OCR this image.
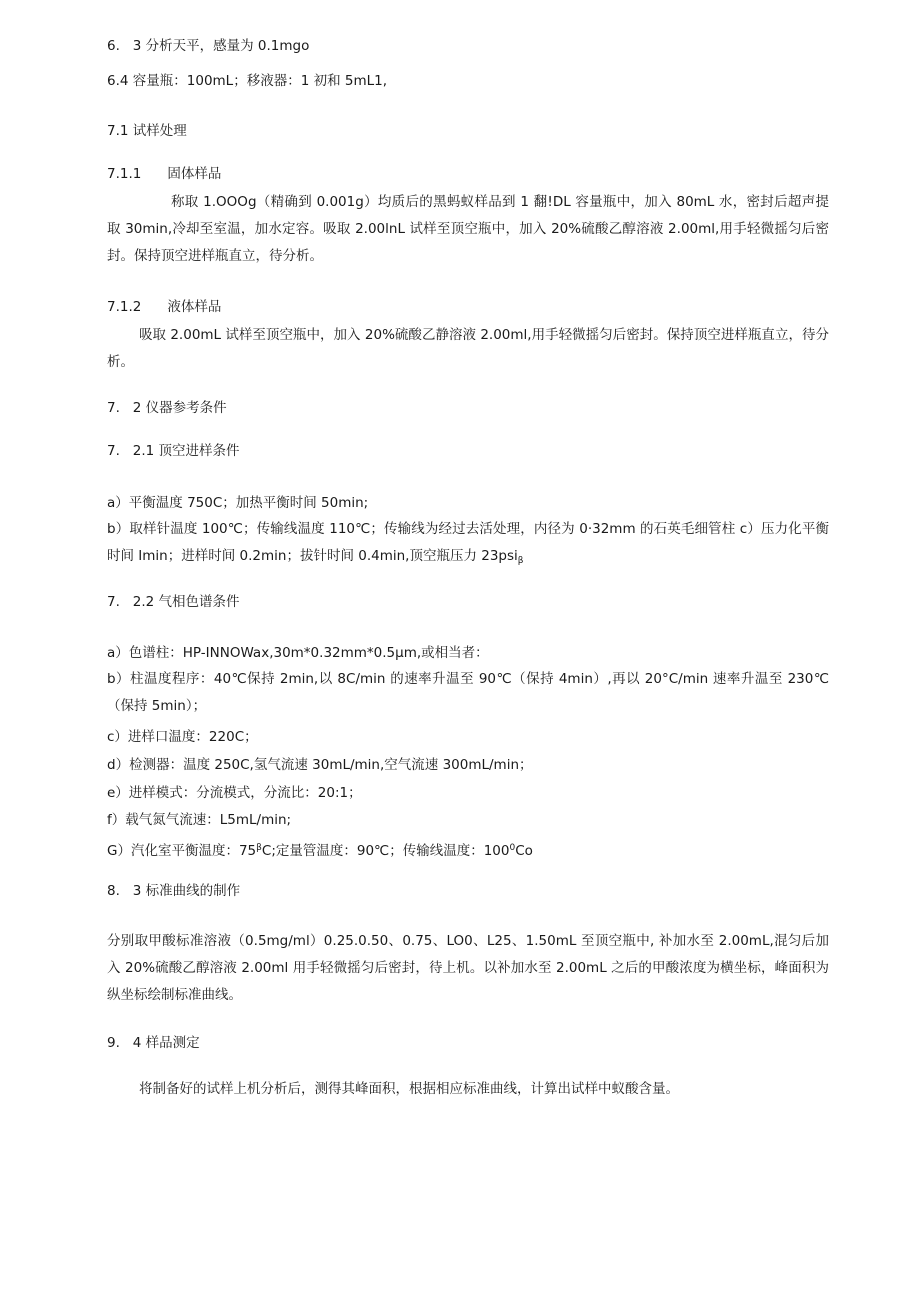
6.   3 分析天平，感量为 0.1mgo
6.4 容量瓶：100mL；移液器：1 初和 5mL1,
7.1 试样处理
7.1.1 固体样品
称取 1.OOOg（精确到 0.001g）均质后的黑蚂蚁样品到 1 翻!DL 容量瓶中，加入 80mL 水，密封后超声提取 30min,冷却至室温，加水定容。吸取 2.00lnL 试样至顶空瓶中，加入 20%硫酸乙醇溶液 2.00ml,用手轻微摇匀后密封。保持顶空进样瓶直立，待分析。
7.1.2 液体样品
吸取 2.00mL 试样至顶空瓶中，加入 20%硫酸乙静溶液 2.00ml,用手轻微摇匀后密封。保持顶空进样瓶直立，待分析。
7.   2 仪器参考条件
7.   2.1 顶空进样条件
a）平衡温度 750C；加热平衡时间 50min;
b）取样针温度 100℃；传输线温度 110℃；传输线为经过去活处理，内径为 0·32mm 的石英毛细管柱 c）压力化平衡时间 Imin；进样时间 0.2min；拔针时间 0.4min,顶空瓶压力 23psi$_\beta$
7.   2.2 气相色谱条件
a）色谱柱：HP-INNOWax,30m*0.32mm*0.5μm,或相当者：
b）柱温度程序：40℃保持 2min,以 8C∕min 的速率升温至 90℃（保持 4min）,再以 20°C∕min 速率升温至 230℃（保持 5min）；
c）进样口温度：220C；
d）检测器：温度 250C,氢气流速 30mL∕min,空气流速 300mL/min；
e）进样模式：分流模式，分流比：20:1；
f）载气氮气流速：L5mL∕min;
G）汽化室平衡温度：$75^\beta C$;定量管温度：90℃；传输线温度：$100^0Co$
8.   3 标准曲线的制作
分别取甲酸标准溶液（0.5mg∕ml）0.25.0.50、0.75、LO0、L25、1.50mL 至顶空瓶中, 补加水至 2.00mL,混匀后加入 20%硫酸乙醇溶液 2.00ml 用手轻微摇匀后密封，待上机。以补加水至 2.00mL 之后的甲酸浓度为横坐标，峰面积为纵坐标绘制标准曲线。
9.   4 样品测定
将制备好的试样上机分析后，测得其峰面积，根据相应标准曲线，计算出试样中蚁酸含量。
